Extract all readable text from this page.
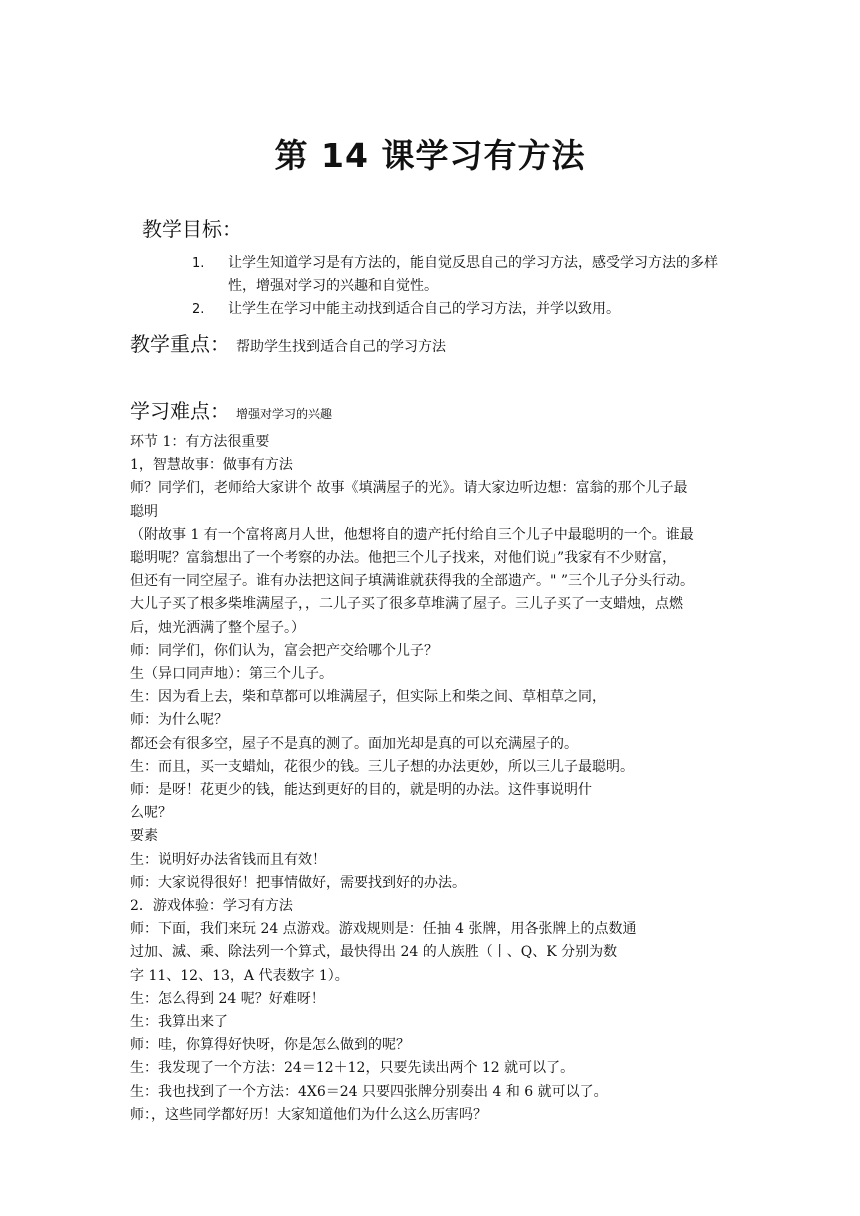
第 14 课学习有方法
教学目标：

1. 让学生知道学习是有方法的，能自觉反思自己的学习方法，感受学习方法的多样性，增强对学习的兴趣和自觉性。

2. 让学生在学习中能主动找到适合自己的学习方法，并学以致用。

教学重点： 帮助学生找到适合自己的学习方法
学习难点： 增强对学习的兴趣

环节 1：有方法很重要

1，智慧故事：做事有方法

师？同学们，老师给大家讲个 故事《填满屋子的光》。请大家边听边想：富翁的那个儿子最

聪明

（附故事 1 有一个富将离月人世，他想将自的遗产托付给自三个儿子中最聪明的一个。谁最

聪明呢？富翁想出了一个考察的办法。他把三个儿子找来，对他们说」”我家有不少财富，

但还有一同空屋子。谁有办法把这间子填满谁就获得我的全部遗产。" ”三个儿子分头行动。

大儿子买了根多柴堆满屋子，，二儿子买了很多草堆满了屋子。三儿子买了一支蜡烛，点燃

后，烛光洒满了整个屋子。）

师：同学们，你们认为，富会把产交给哪个儿子？

生（异口同声地）：第三个儿子。

生：因为看上去，柴和草都可以堆满屋子，但实际上和柴之间、草相草之同，

师：为什么呢？

都还会有很多空，屋子不是真的测了。面加光却是真的可以充满屋子的。

生：而且，买一支蜡灿，花很少的钱。三儿子想的办法更妙，所以三儿子最聪明。

师：是呀！花更少的钱，能达到更好的目的，就是明的办法。这件事说明什

么呢？

要素

生：说明好办法省钱而且有效！

师：大家说得很好！把事情做好，需要找到好的办法。

2．游戏体验：学习有方法

师：下面，我们来玩 24 点游戏。游戏规则是：任抽 4 张牌，用各张牌上的点数通

过加、滅、乘、除法列一个算式，最快得出 24 的人族胜（丨、Q、K 分别为数

字 11、12、13，A 代表数字 1）。

生：怎么得到 24 呢？好难呀！

生：我算出来了

师：哇，你算得好快呀，你是怎么做到的呢？

生：我发现了一个方法：24＝12＋12，只要先读出两个 12 就可以了。

生：我也找到了一个方法：4X6＝24 只要四张牌分别奏出 4 和 6 就可以了。

师：，这些同学都好历！大家知道他们为什么这么历害吗？
